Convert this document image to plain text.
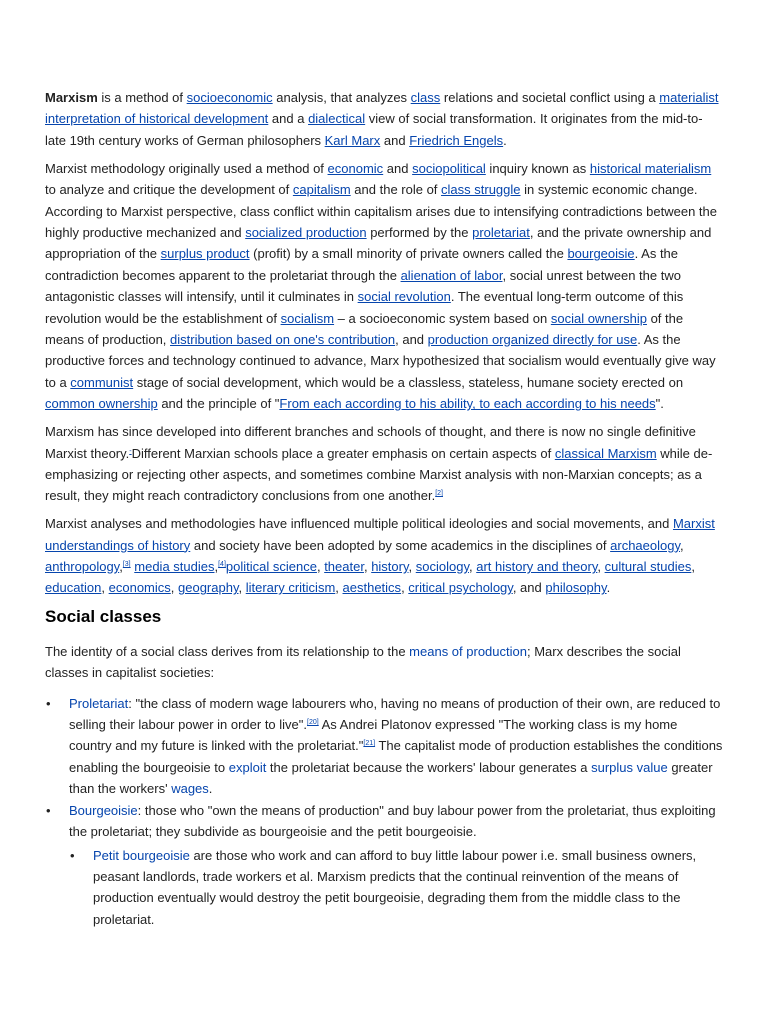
Marxism is a method of socioeconomic analysis, that analyzes class relations and societal conflict using a materialist interpretation of historical development and a dialectical view of social transformation. It originates from the mid-to-late 19th century works of German philosophers Karl Marx and Friedrich Engels.

Marxist methodology originally used a method of economic and sociopolitical inquiry known as historical materialism to analyze and critique the development of capitalism and the role of class struggle in systemic economic change. According to Marxist perspective, class conflict within capitalism arises due to intensifying contradictions between the highly productive mechanized and socialized production performed by the proletariat, and the private ownership and appropriation of the surplus product (profit) by a small minority of private owners called the bourgeoisie. As the contradiction becomes apparent to the proletariat through the alienation of labor, social unrest between the two antagonistic classes will intensify, until it culminates in social revolution. The eventual long-term outcome of this revolution would be the establishment of socialism – a socioeconomic system based on social ownership of the means of production, distribution based on one's contribution, and production organized directly for use. As the productive forces and technology continued to advance, Marx hypothesized that socialism would eventually give way to a communist stage of social development, which would be a classless, stateless, humane society erected on common ownership and the principle of "From each according to his ability, to each according to his needs".

Marxism has since developed into different branches and schools of thought, and there is now no single definitive Marxist theory.-Different Marxian schools place a greater emphasis on certain aspects of classical Marxism while de-emphasizing or rejecting other aspects, and sometimes combine Marxist analysis with non-Marxian concepts; as a result, they might reach contradictory conclusions from one another.[2]

Marxist analyses and methodologies have influenced multiple political ideologies and social movements, and Marxist understandings of history and society have been adopted by some academics in the disciplines of archaeology, anthropology,[3] media studies,[4]political science, theater, history, sociology, art history and theory, cultural studies, education, economics, geography, literary criticism, aesthetics, critical psychology, and philosophy.

Social classes

The identity of a social class derives from its relationship to the means of production; Marx describes the social classes in capitalist societies:

• Proletariat: "the class of modern wage labourers who, having no means of production of their own, are reduced to selling their labour power in order to live".[20] As Andrei Platonov expressed "The working class is my home country and my future is linked with the proletariat."[21] The capitalist mode of production establishes the conditions enabling the bourgeoisie to exploit the proletariat because the workers' labour generates a surplus value greater than the workers' wages.
• Bourgeoisie: those who "own the means of production" and buy labour power from the proletariat, thus exploiting the proletariat; they subdivide as bourgeoisie and the petit bourgeoisie.
• Petit bourgeoisie are those who work and can afford to buy little labour power i.e. small business owners, peasant landlords, trade workers et al. Marxism predicts that the continual reinvention of the means of production eventually would destroy the petit bourgeoisie, degrading them from the middle class to the proletariat.
